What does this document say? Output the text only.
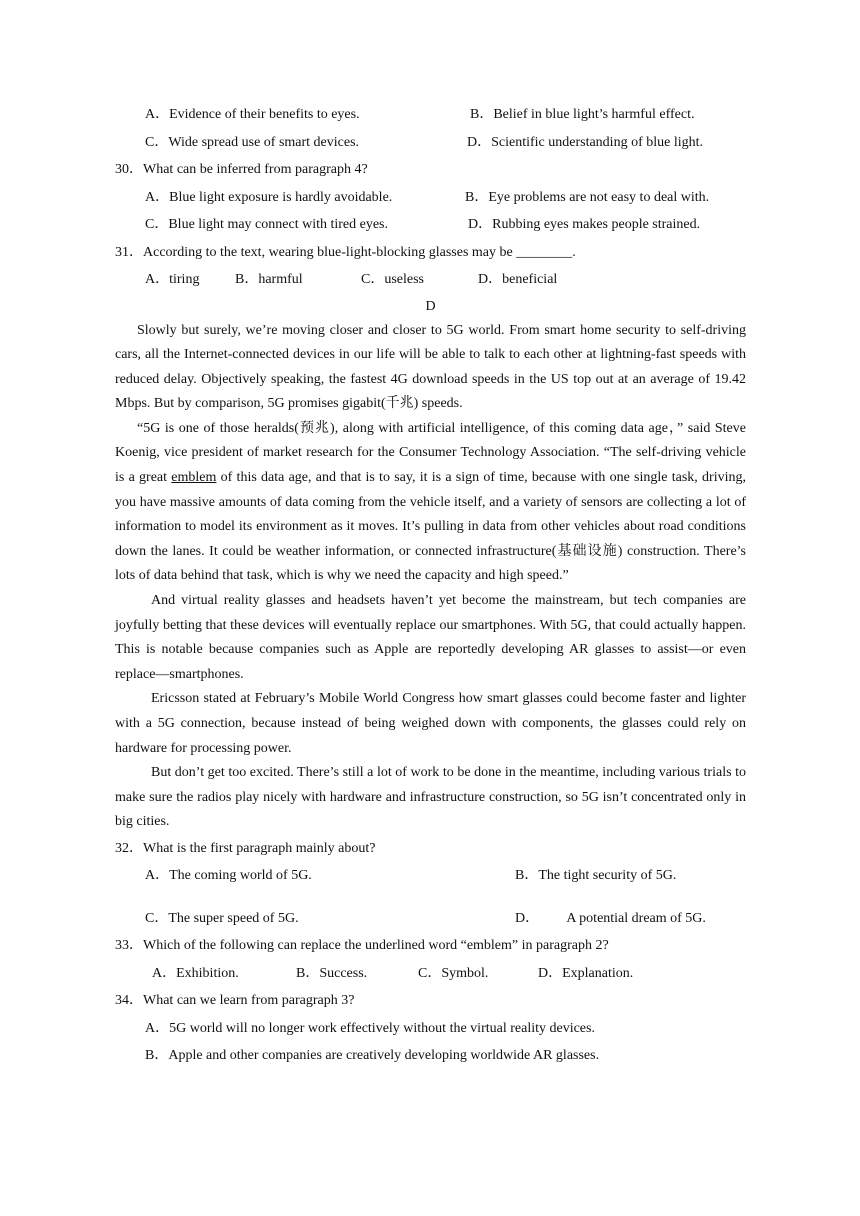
A．Evidence of their benefits to eyes.	B．Belief in blue light’s harmful effect.
C．Wide spread use of smart devices.	D．Scientific understanding of blue light.
30．What can be inferred from paragraph 4?
A．Blue light exposure is hardly avoidable.	B．Eye problems are not easy to deal with.
C．Blue light may connect with tired eyes.	D．Rubbing eyes makes people strained.
31．According to the text, wearing blue-light-blocking glasses may be ________.
A．tiring	B．harmful	C．useless	D．beneficial
D

Slowly but surely, we’re moving closer and closer to 5G world. From smart home security to self-driving cars, all the Internet-connected devices in our life will be able to talk to each other at lightning-fast speeds with reduced delay. Objectively speaking, the fastest 4G download speeds in the US top out at an average of 19.42 Mbps. But by comparison, 5G promises gigabit(千兆) speeds.

“5G is one of those heralds(预兆), along with artificial intelligence, of this coming data age，” said Steve Koenig, vice president of market research for the Consumer Technology Association. “The self-driving vehicle is a great emblem of this data age, and that is to say, it is a sign of time, because with one single task, driving, you have massive amounts of data coming from the vehicle itself, and a variety of sensors are collecting a lot of information to model its environment as it moves. It’s pulling in data from other vehicles about road conditions down the lanes. It could be weather information, or connected infrastructure(基础设施) construction. There’s lots of data behind that task, which is why we need the capacity and high speed.”

And virtual reality glasses and headsets haven’t yet become the mainstream, but tech companies are joyfully betting that these devices will eventually replace our smartphones. With 5G, that could actually happen. This is notable because companies such as Apple are reportedly developing AR glasses to assist—or even replace—smartphones.

Ericsson stated at February’s Mobile World Congress how smart glasses could become faster and lighter with a 5G connection, because instead of being weighed down with components, the glasses could rely on hardware for processing power.

But don’t get too excited. There’s still a lot of work to be done in the meantime, including various trials to make sure the radios play nicely with hardware and infrastructure construction, so 5G isn’t concentrated only in big cities.

32．What is the first paragraph mainly about?
A．The coming world of 5G.	B．The tight security of 5G.
C．The super speed of 5G.	D．        A potential dream of 5G.
33．Which of the following can replace the underlined word “emblem” in paragraph 2?
A．Exhibition.	B．Success.	C．Symbol.	D．Explanation.
34．What can we learn from paragraph 3?
A．5G world will no longer work effectively without the virtual reality devices.
B．Apple and other companies are creatively developing worldwide AR glasses.
